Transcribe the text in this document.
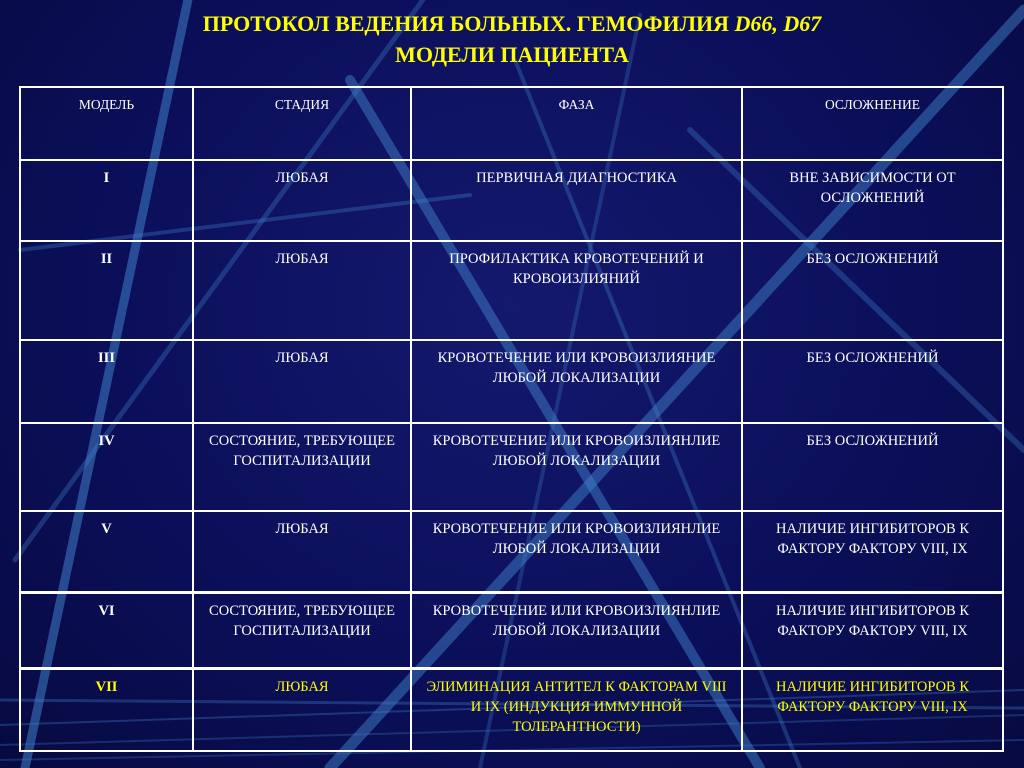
ПРОТОКОЛ ВЕДЕНИЯ БОЛЬНЫХ. ГЕМОФИЛИЯ D66, D67
МОДЕЛИ ПАЦИЕНТА
МОДЕЛЬ	СТАДИЯ	ФАЗА	ОСЛОЖНЕНИЕ
I	ЛЮБАЯ	ПЕРВИЧНАЯ ДИАГНОСТИКА	ВНЕ ЗАВИСИМОСТИ ОТ ОСЛОЖНЕНИЙ
II	ЛЮБАЯ	ПРОФИЛАКТИКА КРОВОТЕЧЕНИЙ И КРОВОИЗЛИЯНИЙ	БЕЗ ОСЛОЖНЕНИЙ
III	ЛЮБАЯ	КРОВОТЕЧЕНИЕ ИЛИ КРОВОИЗЛИЯНИЕ ЛЮБОЙ ЛОКАЛИЗАЦИИ	БЕЗ ОСЛОЖНЕНИЙ
IV	СОСТОЯНИЕ, ТРЕБУЮЩЕЕ ГОСПИТАЛИЗАЦИИ	КРОВОТЕЧЕНИЕ ИЛИ КРОВОИЗЛИЯНЛИЕ ЛЮБОЙ ЛОКАЛИЗАЦИИ	БЕЗ ОСЛОЖНЕНИЙ
V	ЛЮБАЯ	КРОВОТЕЧЕНИЕ ИЛИ КРОВОИЗЛИЯНЛИЕ ЛЮБОЙ ЛОКАЛИЗАЦИИ	НАЛИЧИЕ ИНГИБИТОРОВ К ФАКТОРУ ФАКТОРУ VIII, IX
VI	СОСТОЯНИЕ, ТРЕБУЮЩЕЕ ГОСПИТАЛИЗАЦИИ	КРОВОТЕЧЕНИЕ ИЛИ КРОВОИЗЛИЯНЛИЕ ЛЮБОЙ ЛОКАЛИЗАЦИИ	НАЛИЧИЕ ИНГИБИТОРОВ К ФАКТОРУ ФАКТОРУ VIII, IX
VII	ЛЮБАЯ	ЭЛИМИНАЦИЯ АНТИТЕЛ К ФАКТОРАМ VIII И IX (ИНДУКЦИЯ ИММУННОЙ ТОЛЕРАНТНОСТИ)	НАЛИЧИЕ ИНГИБИТОРОВ К ФАКТОРУ ФАКТОРУ VIII, IX
